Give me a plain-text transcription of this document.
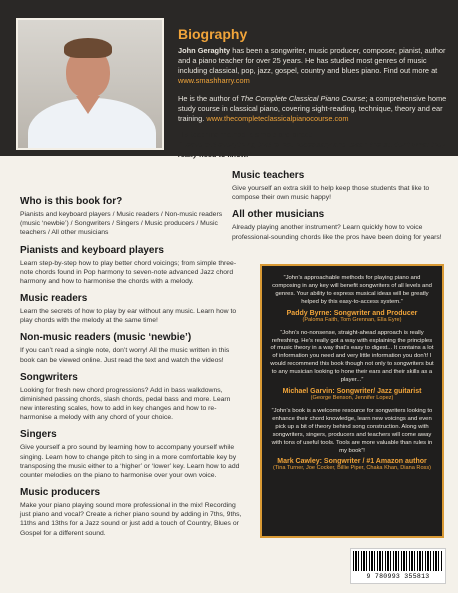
Biography

John Geraghty has been a songwriter, music producer, composer, pianist, author and a piano teacher for over 25 years. He has studied most genres of music including classical, pop, jazz, gospel, country and blues piano. Find out more at www.smashharry.com

He is the author of The Complete Classical Piano Course; a comprehensive home study course in classical piano, covering sight-reading, technique, theory and ear training. www.thecompleteclassicalpianocourse.com

His teaching method is simple and direct:
“Leave out everything that is not necessary and teach the student what they really need to know.”
Who is this book for?

Pianists and keyboard players / Music readers / Non-music readers (music ‘newbie’) / Songwriters / Singers / Music producers / Music teachers / All other musicians

Pianists and keyboard players

Learn step-by-step how to play better chord voicings; from simple three-note chords found in Pop harmony to seven-note advanced Jazz chord harmony and how to harmonise the chords with a melody.

Music readers

Learn the secrets of how to play by ear without any music. Learn how to play chords with the melody at the same time!

Non-music readers (music ‘newbie’)

If you can’t read a single note, don’t worry! All the music written in this book can be viewed online. Just read the text and watch the videos!

Songwriters

Looking for fresh new chord progressions? Add in bass walkdowns, diminished passing chords, slash chords, pedal bass and more. Learn new interesting scales, how to add in key changes and how to re-harmonise a melody with any chord of your choice.

Singers

Give yourself a pro sound by learning how to accompany yourself while singing. Learn how to change pitch to sing in a more comfortable key by transposing the music either to a ‘higher’ or ‘lower’ key. Learn how to add counter melodies on the piano to harmonise over your own voice.

Music producers

Make your piano playing sound more professional in the mix! Recording just piano and vocal? Create a richer piano sound by adding in 7ths, 9ths, 11ths and 13ths for a Jazz sound or just add a touch of Country, Blues or Gospel for a different sound.

Music teachers

Give yourself an extra skill to help keep those students that like to compose their own music happy!

All other musicians

Already playing another instrument? Learn quickly how to voice professional-sounding chords like the pros have been doing for years!

“John’s approachable methods for playing piano and composing in any key will benefit songwriters of all levels and genres. Your ability to express musical ideas will be greatly helped by this easy-to-access system.”
Paddy Byrne: Songwriter and Producer
(Paloma Faith, Tom Grennan, Ella Eyre)
“John’s no-nonsense, straight-ahead approach is really refreshing. He’s really got a way with explaining the principles of music theory in a way that’s easy to digest... It contains a lot of information you need and very little information you don’t! I would recommend this book though not only to songwriters but to any musician looking to hone their ears and their skills as a player...”
Michael Garvin: Songwriter/ Jazz guitarist
(George Benson, Jennifer Lopez)
“John’s book is a welcome resource for songwriters looking to enhance their chord knowledge, learn new voicings and even pick up a bit of theory behind song construction. Along with songwriters, singers, producers and teachers will come away with tons of useful tools. Tools are more valuable than rules in my book”!
Mark Cawley: Songwriter / #1 Amazon author
(Tina Turner, Joe Cocker, Billie Piper, Chaka Khan, Diana Ross)
9 780993 355813
